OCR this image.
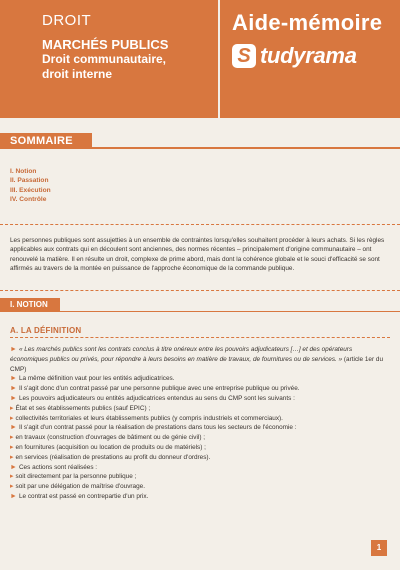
DROIT
MARCHÉS PUBLICS
Droit communautaire,
droit interne
Aide-mémoire
S tudyrama
SOMMAIRE
I. Notion
II. Passation
III. Exécution
IV. Contrôle
Les personnes publiques sont assujetties à un ensemble de contraintes lorsqu'elles souhaitent procéder à leurs achats. Si les règles applicables aux contrats qui en découlent sont anciennes, des normes récentes – principalement d'origine communautaire – ont renouvelé la matière. Il en résulte un droit, complexe de prime abord, mais dont la cohérence globale et le souci d'efficacité se sont affirmés au travers de la montée en puissance de l'approche économique de la commande publique.
I. NOTION
A. LA DÉFINITION

► « Les marchés publics sont les contrats conclus à titre onéreux entre les pouvoirs adjudicateurs […] et des opérateurs économiques publics ou privés, pour répondre à leurs besoins en matière de travaux, de fournitures ou de services. » (article 1er du CMP)

► La même définition vaut pour les entités adjudicatrices.

► Il s'agit donc d'un contrat passé par une personne publique avec une entreprise publique ou privée.

► Les pouvoirs adjudicateurs ou entités adjudicatrices entendus au sens du CMP sont les suivants :

▸ État et ses établissements publics (sauf EPIC) ;

▸ collectivités territoriales et leurs établissements publics (y compris industriels et commerciaux).

► Il s'agit d'un contrat passé pour la réalisation de prestations dans tous les secteurs de l'économie :

▸ en travaux (construction d'ouvrages de bâtiment ou de génie civil) ;

▸ en fournitures (acquisition ou location de produits ou de matériels) ;

▸ en services (réalisation de prestations au profit du donneur d'ordres).

► Ces actions sont réalisées :

▸ soit directement par la personne publique ;

▸ soit par une délégation de maîtrise d'ouvrage.

► Le contrat est passé en contrepartie d'un prix.

1
